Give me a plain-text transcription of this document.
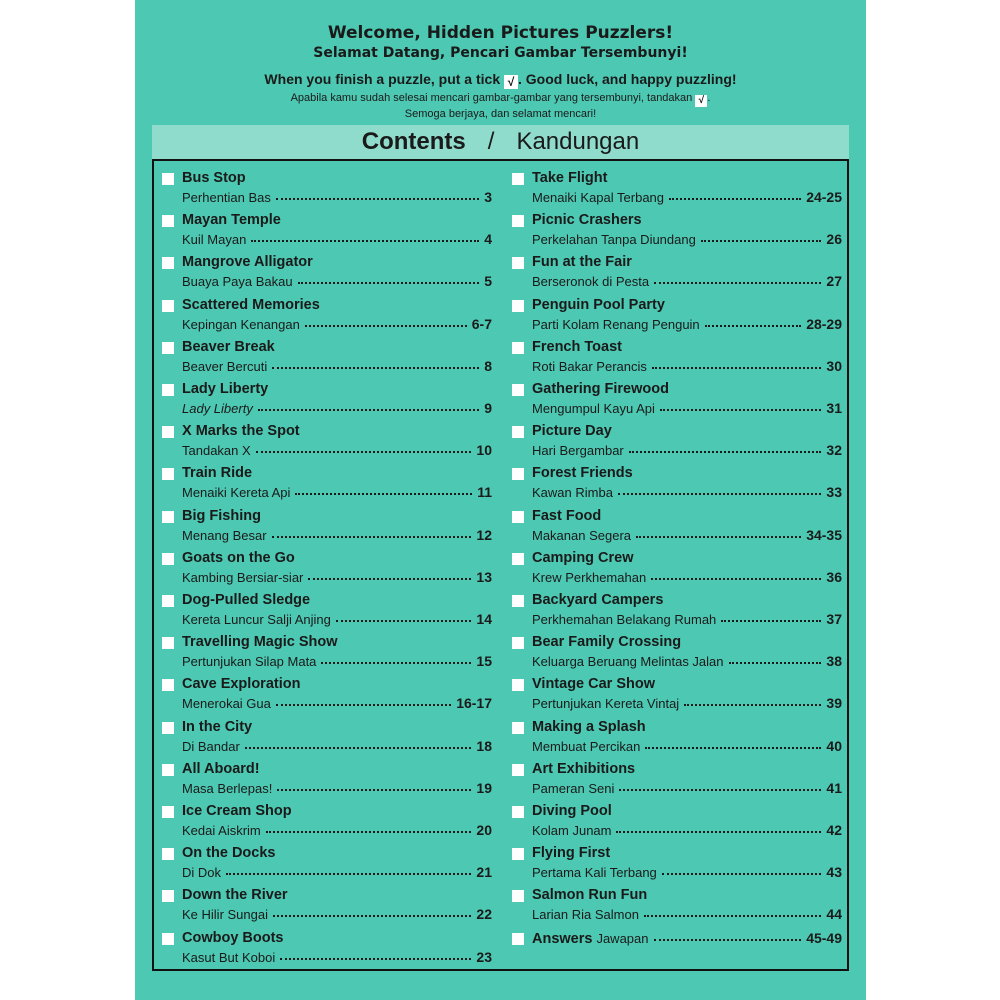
Welcome, Hidden Pictures Puzzlers!
Selamat Datang, Pencari Gambar Tersembunyi!
When you finish a puzzle, put a tick √ . Good luck, and happy puzzling!
Apabila kamu sudah selesai mencari gambar-gambar yang tersembunyi, tandakan √ .
Semoga berjaya, dan selamat mencari!
Contents / Kandungan
Bus Stop
Perhentian Bas	3
Mayan Temple
Kuil Mayan	4
Mangrove Alligator
Buaya Paya Bakau	5
Scattered Memories
Kepingan Kenangan	6-7
Beaver Break
Beaver Bercuti	8
Lady Liberty
Lady Liberty	9
X Marks the Spot
Tandakan X	10
Train Ride
Menaiki Kereta Api	11
Big Fishing
Menang Besar	12
Goats on the Go
Kambing Bersiar-siar	13
Dog-Pulled Sledge
Kereta Luncur Salji Anjing	14
Travelling Magic Show
Pertunjukan Silap Mata	15
Cave Exploration
Menerokai Gua	16-17
In the City
Di Bandar	18
All Aboard!
Masa Berlepas!	19
Ice Cream Shop
Kedai Aiskrim	20
On the Docks
Di Dok	21
Down the River
Ke Hilir Sungai	22
Cowboy Boots
Kasut But Koboi	23
Take Flight
Menaiki Kapal Terbang	24-25
Picnic Crashers
Perkelahan Tanpa Diundang	26
Fun at the Fair
Berseronok di Pesta	27
Penguin Pool Party
Parti Kolam Renang Penguin	28-29
French Toast
Roti Bakar Perancis	30
Gathering Firewood
Mengumpul Kayu Api	31
Picture Day
Hari Bergambar	32
Forest Friends
Kawan Rimba	33
Fast Food
Makanan Segera	34-35
Camping Crew
Krew Perkhemahan	36
Backyard Campers
Perkhemahan Belakang Rumah	37
Bear Family Crossing
Keluarga Beruang Melintas Jalan	38
Vintage Car Show
Pertunjukan Kereta Vintaj	39
Making a Splash
Membuat Percikan	40
Art Exhibitions
Pameran Seni	41
Diving Pool
Kolam Junam	42
Flying First
Pertama Kali Terbang	43
Salmon Run Fun
Larian Ria Salmon	44
Answers Jawapan	45-49
